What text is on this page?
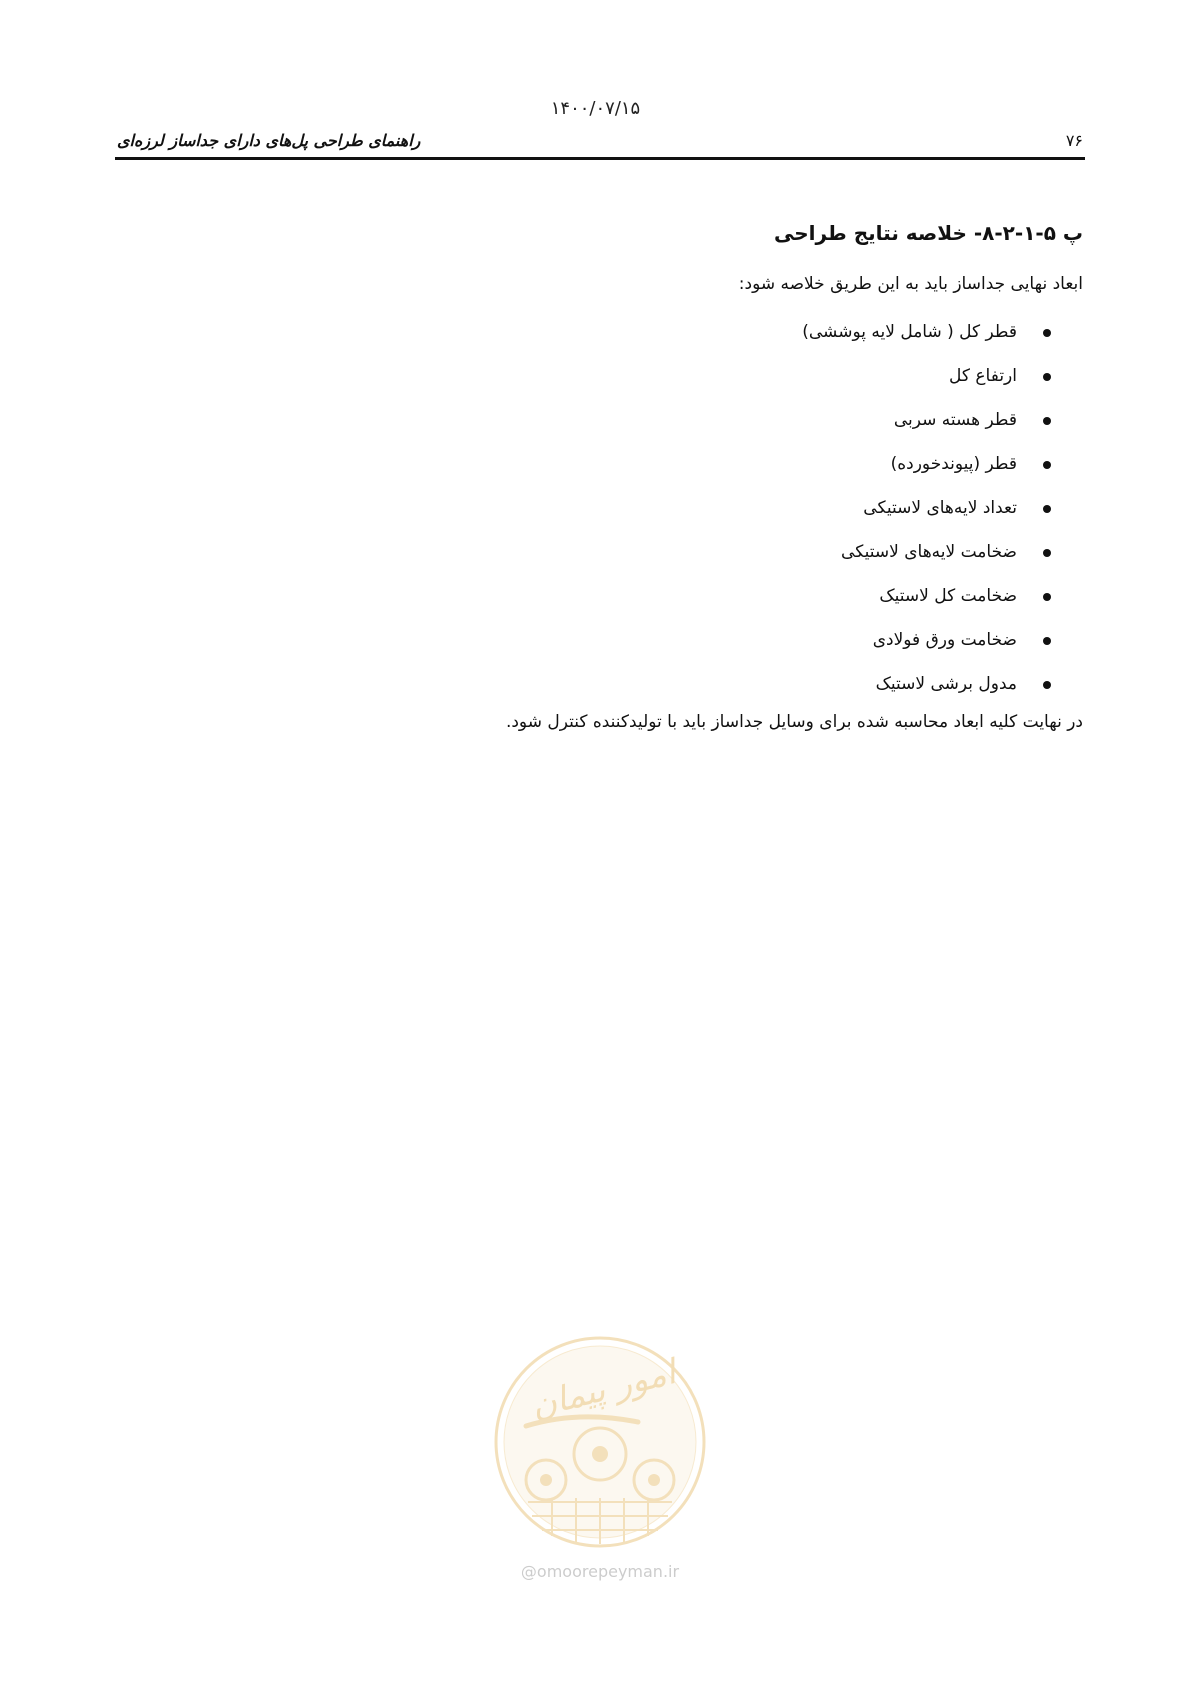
۱۴۰۰/۰۷/۱۵
راهنمای طراحی پل‌های دارای جداساز لرزه‌ای	۷۶
پ ۵-۱-۲-۸- خلاصه نتایج طراحی

ابعاد نهایی جداساز باید به این طریق خلاصه شود:

قطر کل ( شامل لایه پوششی)
ارتفاع کل
قطر هسته سربی
قطر (پیوندخورده)
تعداد لایه‌های لاستیکی
ضخامت لایه‌های لاستیکی
ضخامت کل لاستیک
ضخامت ورق فولادی
مدول برشی لاستیک

در نهایت کلیه ابعاد محاسبه شده برای وسایل جداساز باید با تولیدکننده کنترل شود.

امور پیمان
@omoorepeyman.ir
